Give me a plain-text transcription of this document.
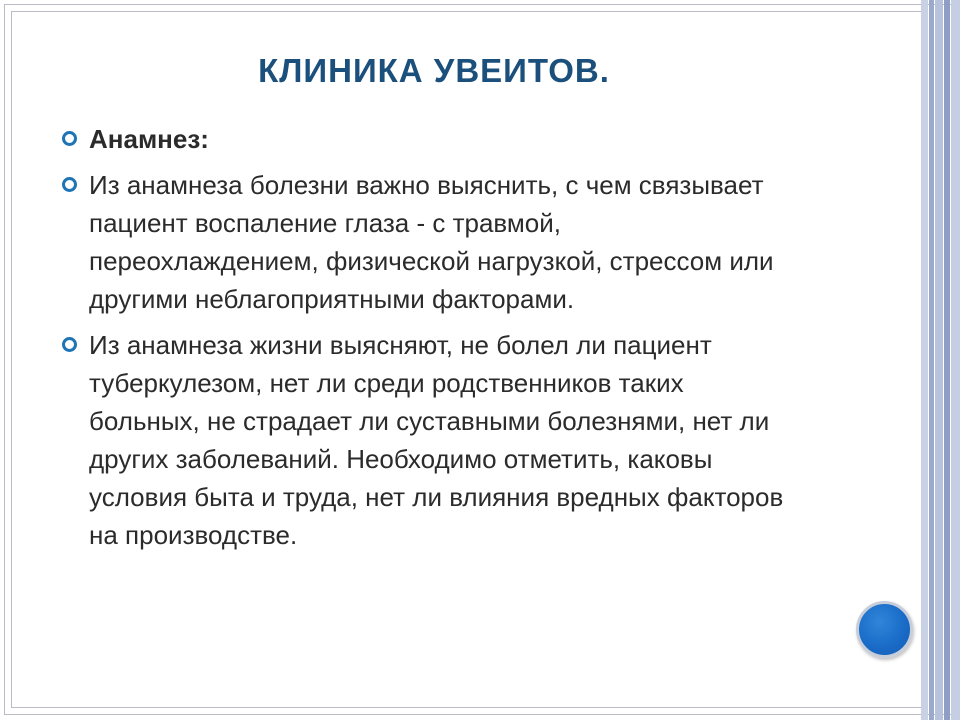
КЛИНИКА УВЕИТОВ.
Анамнез:
Из анамнеза болезни важно выяснить, с чем связывает пациент воспаление глаза - с травмой, переохлаждением, физической нагрузкой, стрессом или другими неблагоприятными факторами.
Из анамнеза жизни выясняют, не болел ли пациент туберкулезом, нет ли среди родственников таких больных, не страдает ли суставными болезнями, нет ли других заболеваний. Необходимо отметить, каковы условия быта и труда, нет ли влияния вредных факторов на производстве.
